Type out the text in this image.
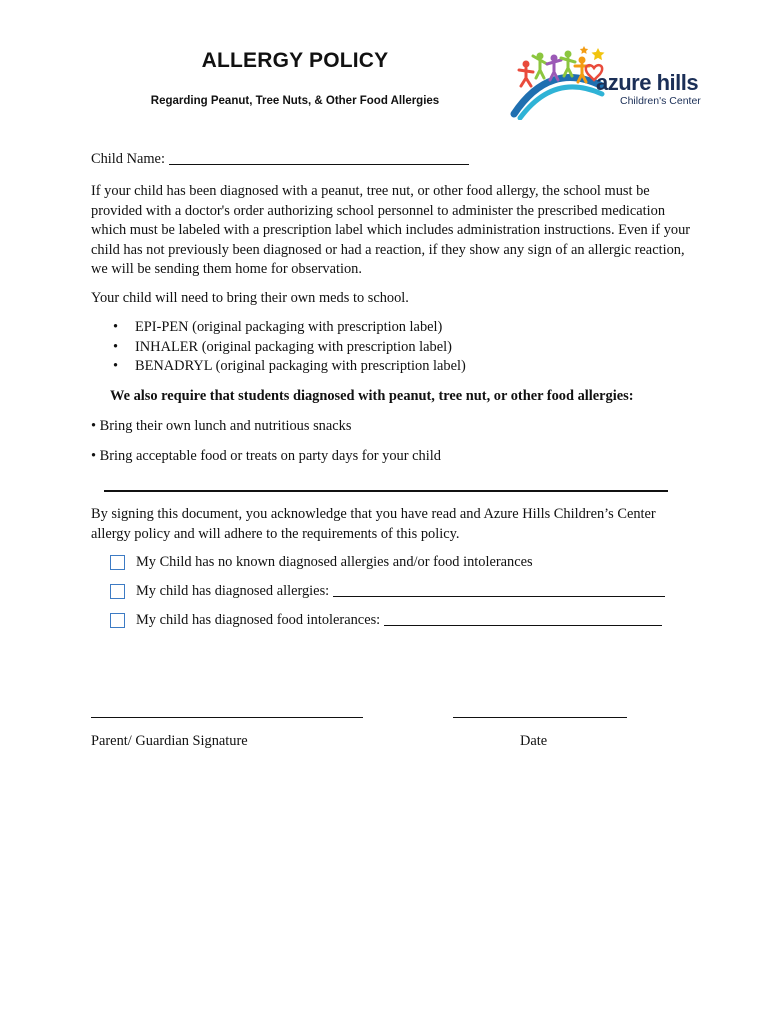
ALLERGY POLICY
Regarding Peanut, Tree Nuts, & Other Food Allergies
azure hills
Children's Center
Child Name:
If your child has been diagnosed with a peanut, tree nut, or other food allergy, the school must be provided with a doctor's order authorizing school personnel to administer the prescribed medication which must be labeled with a prescription label which includes administration instructions. Even if your child has not previously been diagnosed or had a reaction, if they show any sign of an allergic reaction, we will be sending them home for observation.
Your child will need to bring their own meds to school.
• EPI-PEN (original packaging with prescription label)
• INHALER (original packaging with prescription label)
• BENADRYL (original packaging with prescription label)
We also require that students diagnosed with peanut, tree nut, or other food allergies:
• Bring their own lunch and nutritious snacks
• Bring acceptable food or treats on party days for your child
By signing this document, you acknowledge that you have read and Azure Hills Children’s Center allergy policy and will adhere to the requirements of this policy.
My Child has no known diagnosed allergies and/or food intolerances
My child has diagnosed allergies:
My child has diagnosed food intolerances:
Parent/ Guardian Signature	Date
